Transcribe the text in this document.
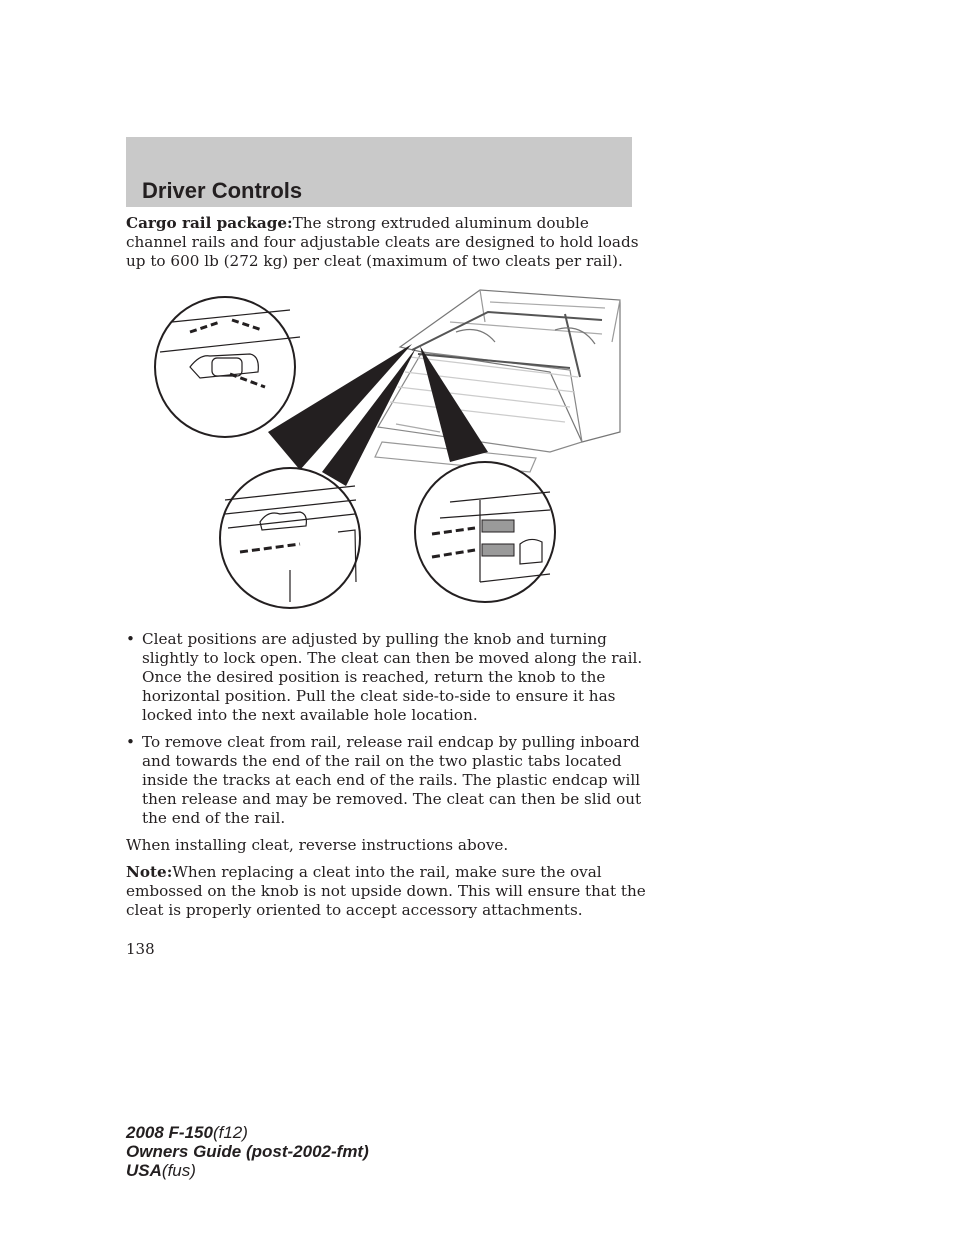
Driver Controls

Cargo rail package:The strong extruded aluminum double channel rails and four adjustable cleats are designed to hold loads up to 600 lb (272 kg) per cleat (maximum of two cleats per rail).

• Cleat positions are adjusted by pulling the knob and turning slightly to lock open. The cleat can then be moved along the rail. Once the desired position is reached, return the knob to the horizontal position. Pull the cleat side-to-side to ensure it has locked into the next available hole location.
• To remove cleat from rail, release rail endcap by pulling inboard and towards the end of the rail on the two plastic tabs located inside the tracks at each end of the rails. The plastic endcap will then release and may be removed. The cleat can then be slid out the end of the rail.

When installing cleat, reverse instructions above.

Note:When replacing a cleat into the rail, make sure the oval embossed on the knob is not upside down. This will ensure that the cleat is properly oriented to accept accessory attachments.

138
2008 F-150(f12)
Owners Guide (post-2002-fmt)
USA(fus)
